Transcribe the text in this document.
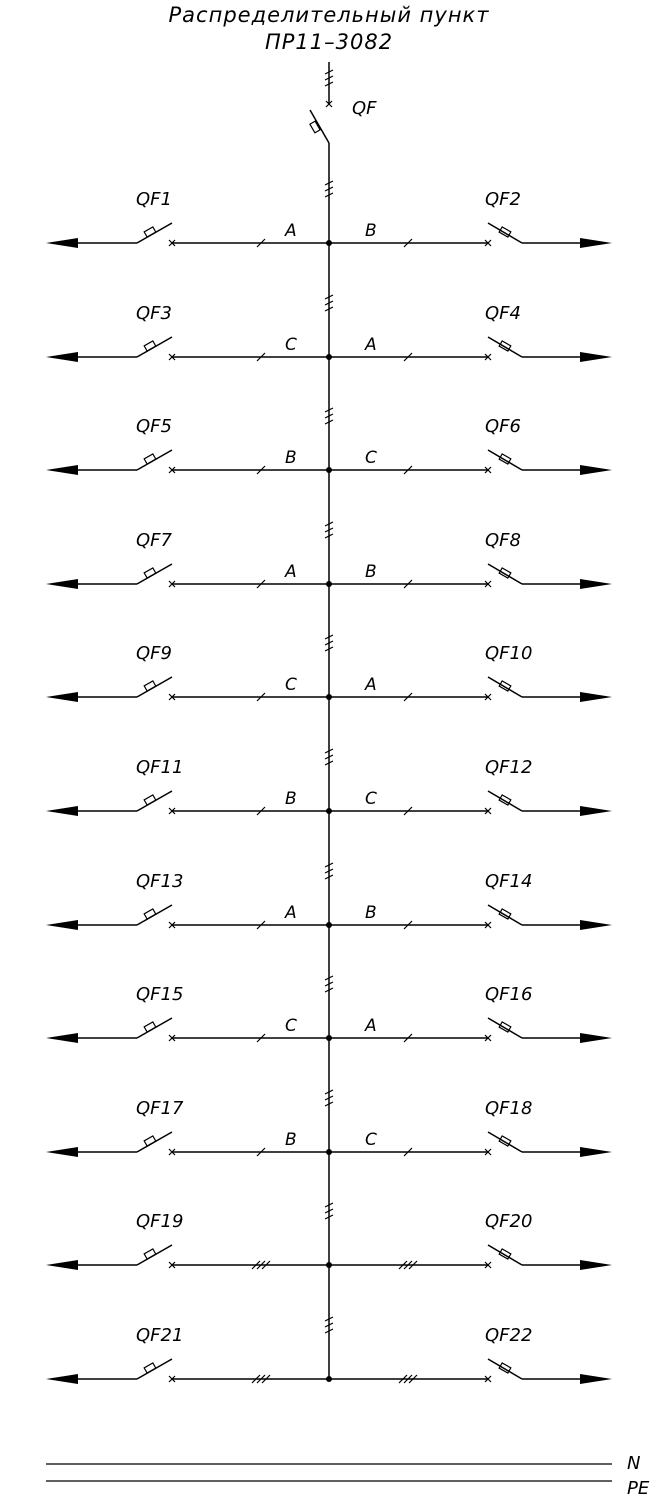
Распределительный пункт
ПР11–3082
QF
QF1	QF2
A	B
QF3	QF4
C	A
QF5	QF6
B	C
QF7	QF8
A	B
QF9	QF10
C	A
QF11	QF12
B	C
QF13	QF14
A	B
QF15	QF16
C	A
QF17	QF18
B	C
QF19	QF20
QF21	QF22
N
PE
